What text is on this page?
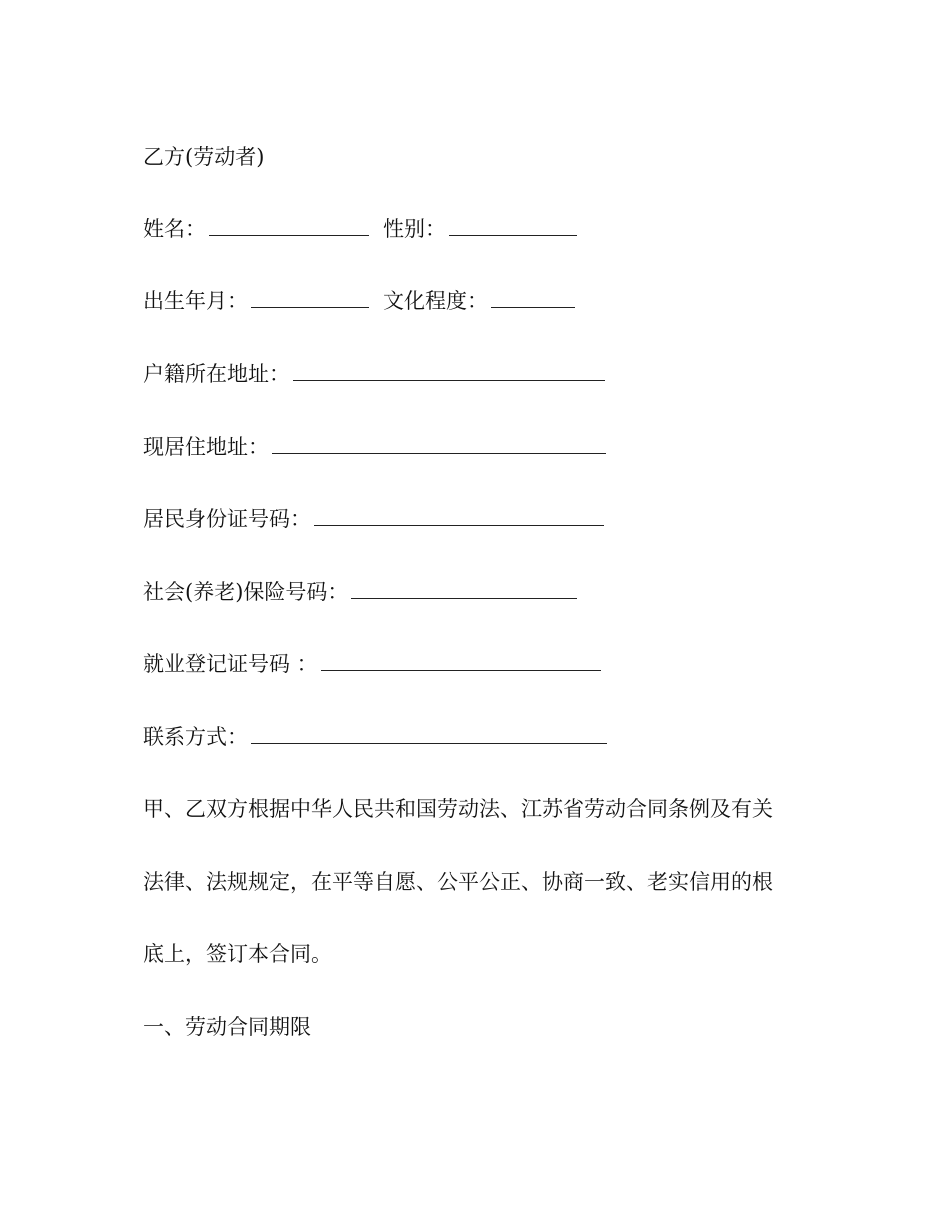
乙方(劳动者)
姓名：	性别：
出生年月：	文化程度：
户籍所在地址：
现居住地址：
居民身份证号码：
社会(养老)保险号码：
就业登记证号码 ：
联系方式：
甲、乙双方根据中华人民共和国劳动法、江苏省劳动合同条例及有关
法律、法规规定，在平等自愿、公平公正、协商一致、老实信用的根
底上，签订本合同。
一、劳动合同期限
